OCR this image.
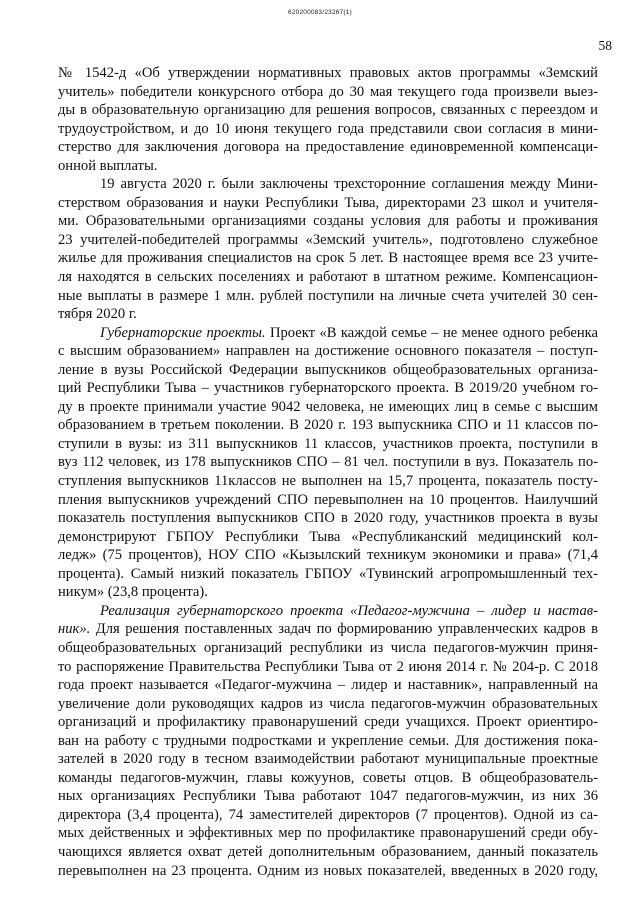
620200083/23267(1)
58
№ 1542-д «Об утверждении нормативных правовых актов программы «Земский
учитель» победители конкурсного отбора до 30 мая текущего года произвели выез-
ды в образовательную организацию для решения вопросов, связанных с переездом и
трудоустройством, и до 10 июня текущего года представили свои согласия в мини-
стерство для заключения договора на предоставление единовременной компенсаци-
онной выплаты.
19 августа 2020 г. были заключены трехсторонние соглашения между Мини-
стерством образования и науки Республики Тыва, директорами 23 школ и учителя-
ми. Образовательными организациями созданы условия для работы и проживания
23 учителей-победителей программы «Земский учитель», подготовлено служебное
жилье для проживания специалистов на срок 5 лет. В настоящее время все 23 учите-
ля находятся в сельских поселениях и работают в штатном режиме. Компенсацион-
ные выплаты в размере 1 млн. рублей поступили на личные счета учителей 30 сен-
тября 2020 г.
Губернаторские проекты. Проект «В каждой семье – не менее одного ребенка
с высшим образованием» направлен на достижение основного показателя – поступ-
ление в вузы Российской Федерации выпускников общеобразовательных организа-
ций Республики Тыва – участников губернаторского проекта. В 2019/20 учебном го-
ду в проекте принимали участие 9042 человека, не имеющих лиц в семье с высшим
образованием в третьем поколении. В 2020 г. 193 выпускника СПО и 11 классов по-
ступили в вузы: из 311 выпускников 11 классов, участников проекта, поступили в
вуз 112 человек, из 178 выпускников СПО – 81 чел. поступили в вуз. Показатель по-
ступления выпускников 11классов не выполнен на 15,7 процента, показатель посту-
пления выпускников учреждений СПО перевыполнен на 10 процентов. Наилучший
показатель поступления выпускников СПО в 2020 году, участников проекта в вузы
демонстрируют ГБПОУ Республики Тыва «Республиканский медицинский кол-
ледж» (75 процентов), НОУ СПО «Кызылский техникум экономики и права» (71,4
процента). Самый низкий показатель ГБПОУ «Тувинский агропромышленный тех-
никум» (23,8 процента).
Реализация губернаторского проекта «Педагог-мужчина – лидер и настав-
ник». Для решения поставленных задач по формированию управленческих кадров в
общеобразовательных организаций республики из числа педагогов-мужчин приня-
то распоряжение Правительства Республики Тыва от 2 июня 2014 г. № 204-р. С 2018
года проект называется «Педагог-мужчина – лидер и наставник», направленный на
увеличение доли руководящих кадров из числа педагогов-мужчин образовательных
организаций и профилактику правонарушений среди учащихся. Проект ориентиро-
ван на работу с трудными подростками и укрепление семьи. Для достижения пока-
зателей в 2020 году в тесном взаимодействии работают муниципальные проектные
команды педагогов-мужчин, главы кожуунов, советы отцов. В общеобразователь-
ных организациях Республики Тыва работают 1047 педагогов-мужчин, из них 36
директора (3,4 процента), 74 заместителей директоров (7 процентов). Одной из са-
мых действенных и эффективных мер по профилактике правонарушений среди обу-
чающихся является охват детей дополнительным образованием, данный показатель
перевыполнен на 23 процента. Одним из новых показателей, введенных в 2020 году,
